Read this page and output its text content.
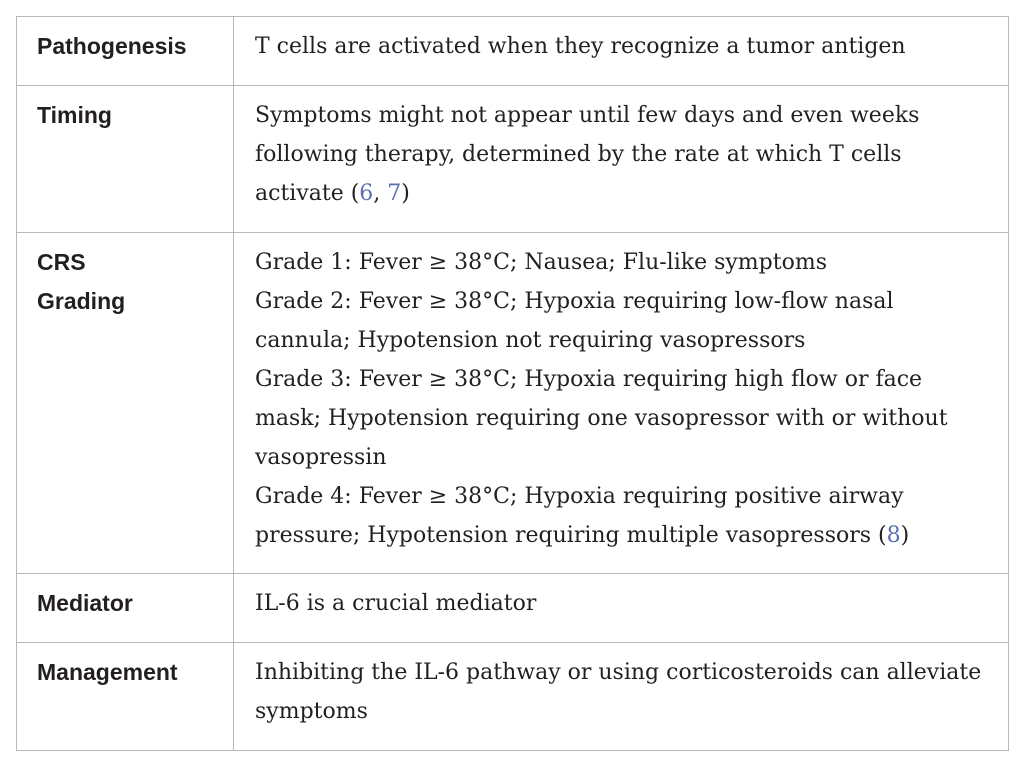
Pathogenesis	T cells are activated when they recognize a tumor antigen

Timing	Symptoms might not appear until few days and even weeks following therapy, determined by the rate at which T cells activate (6, 7)

CRS
Grading	Grade 1: Fever ≥ 38°C; Nausea; Flu-like symptoms
Grade 2: Fever ≥ 38°C; Hypoxia requiring low-flow nasal cannula; Hypotension not requiring vasopressors
Grade 3: Fever ≥ 38°C; Hypoxia requiring high flow or face mask; Hypotension requiring one vasopressor with or without vasopressin
Grade 4: Fever ≥ 38°C; Hypoxia requiring positive airway pressure; Hypotension requiring multiple vasopressors (8)

Mediator	IL-6 is a crucial mediator

Management	Inhibiting the IL-6 pathway or using corticosteroids can alleviate symptoms
